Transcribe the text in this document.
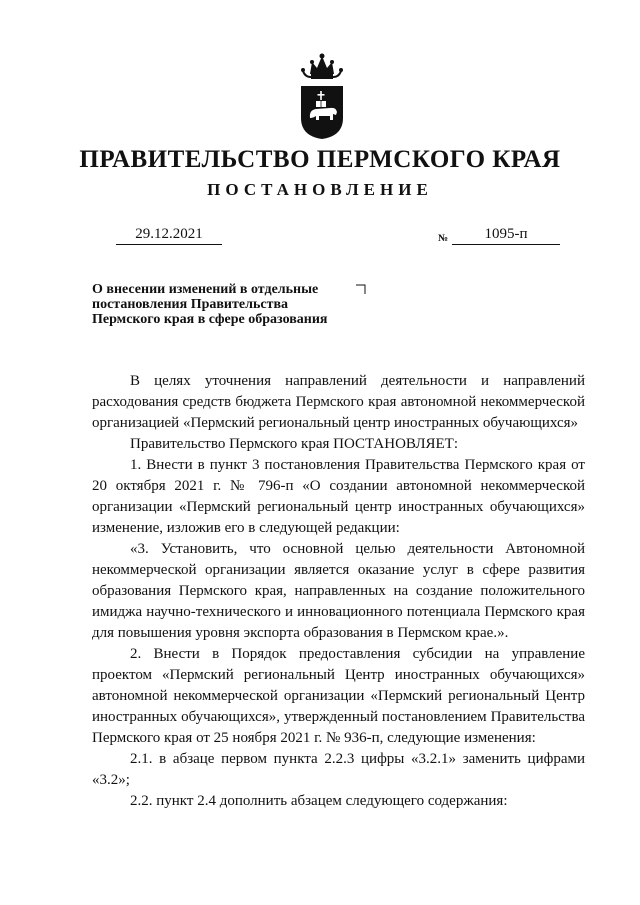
ПРАВИТЕЛЬСТВО ПЕРМСКОГО КРАЯ
ПОСТАНОВЛЕНИЕ
29.12.2021	№	1095-п
О внесении изменений в отдельные
постановления Правительства
Пермского края в сфере образования

В целях уточнения направлений деятельности и направлений расходования средств бюджета Пермского края автономной некоммерческой организацией «Пермский региональный центр иностранных обучающихся»

Правительство Пермского края ПОСТАНОВЛЯЕТ:

1. Внести в пункт 3 постановления Правительства Пермского края от 20 октября 2021 г. № 796-п «О создании автономной некоммерческой организации «Пермский региональный центр иностранных обучающихся» изменение, изложив его в следующей редакции:

«3. Установить, что основной целью деятельности Автономной некоммерческой организации является оказание услуг в сфере развития образования Пермского края, направленных на создание положительного имиджа научно-технического и инновационного потенциала Пермского края для повышения уровня экспорта образования в Пермском крае.».

2. Внести в Порядок предоставления субсидии на управление проектом «Пермский региональный Центр иностранных обучающихся» автономной некоммерческой организации «Пермский региональный Центр иностранных обучающихся», утвержденный постановлением Правительства Пермского края от 25 ноября 2021 г. № 936-п, следующие изменения:

2.1. в абзаце первом пункта 2.2.3 цифры «3.2.1» заменить цифрами «3.2»;

2.2. пункт 2.4 дополнить абзацем следующего содержания:
